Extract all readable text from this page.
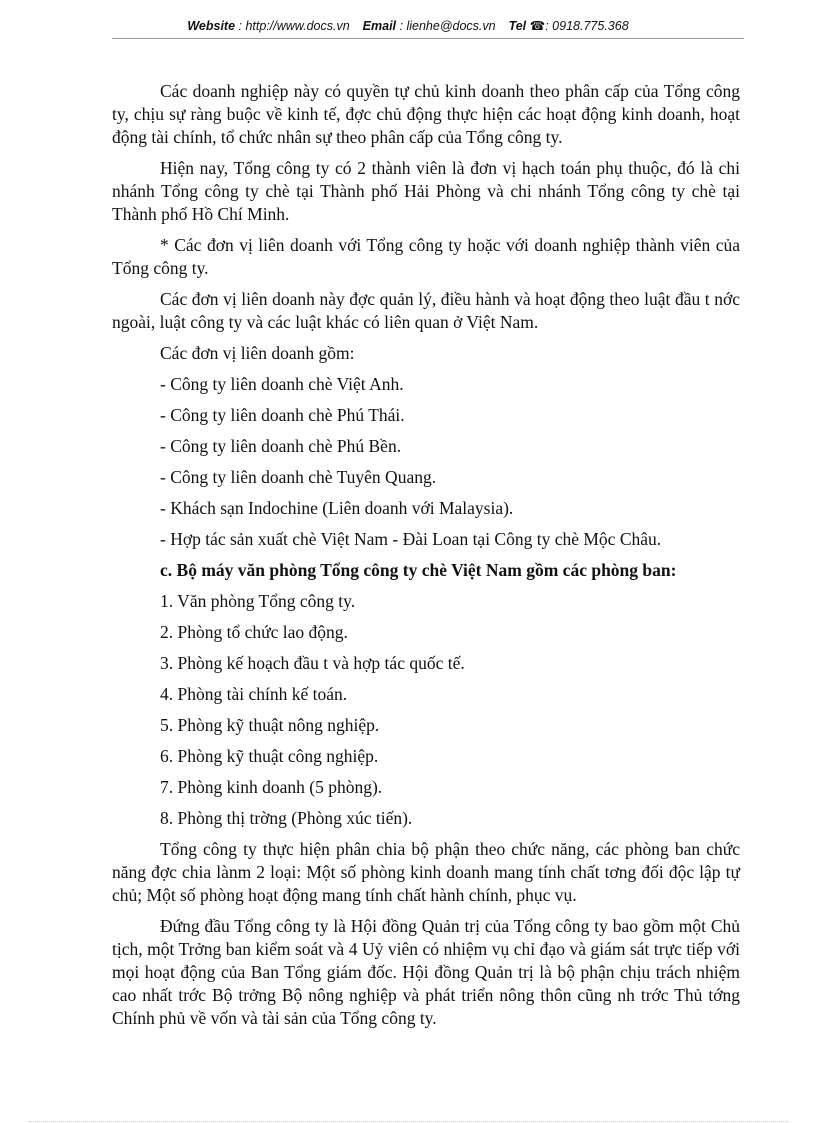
Website : http://www.docs.vn Email : lienhe@docs.vn Tel ☎: 0918.775.368

Các doanh nghiệp này có quyền tự chủ kinh doanh theo phân cấp của Tổng công ty, chịu sự ràng buộc về kinh tế, đợc chủ động thực hiện các hoạt động kinh doanh, hoạt động tài chính, tổ chức nhân sự theo phân cấp của Tổng công ty.

Hiện nay, Tổng công ty có 2 thành viên là đơn vị hạch toán phụ thuộc, đó là chi nhánh Tổng công ty chè tại Thành phố Hải Phòng và chi nhánh Tổng công ty chè tại Thành phố Hồ Chí Minh.

* Các đơn vị liên doanh với Tổng công ty hoặc với doanh nghiệp thành viên của Tổng công ty.

Các đơn vị liên doanh này đợc quản lý, điều hành và hoạt động theo luật đầu t nớc ngoài, luật công ty và các luật khác có liên quan ở Việt Nam.

Các đơn vị liên doanh gồm:
- Công ty liên doanh chè Việt Anh.
- Công ty liên doanh chè Phú Thái.
- Công ty liên doanh chè Phú Bền.
- Công ty liên doanh chè Tuyên Quang.
- Khách sạn Indochine (Liên doanh với Malaysia).
- Hợp tác sản xuất chè Việt Nam - Đài Loan tại Công ty chè Mộc Châu.
c. Bộ máy văn phòng Tổng công ty chè Việt Nam gồm các phòng ban:
1. Văn phòng Tổng công ty.
2. Phòng tổ chức lao động.
3. Phòng kế hoạch đầu t và hợp tác quốc tế.
4. Phòng tài chính kế toán.
5. Phòng kỹ thuật nông nghiệp.
6. Phòng kỹ thuật công nghiệp.
7. Phòng kinh doanh (5 phòng).
8. Phòng thị trờng (Phòng xúc tiến).

Tổng công ty thực hiện phân chia bộ phận theo chức năng, các phòng ban chức năng đợc chia lànm 2 loại: Một số phòng kinh doanh mang tính chất tơng đối độc lập tự chủ; Một số phòng hoạt động mang tính chất hành chính, phục vụ.

Đứng đầu Tổng công ty là Hội đồng Quản trị của Tổng công ty bao gồm một Chủ tịch, một Trởng ban kiểm soát và 4 Uỷ viên có nhiệm vụ chỉ đạo và giám sát trực tiếp với mọi hoạt động của Ban Tổng giám đốc. Hội đồng Quản trị là bộ phận chịu trách nhiệm cao nhất trớc Bộ trởng Bộ nông nghiệp và phát triển nông thôn cũng nh trớc Thủ tớng Chính phủ về vốn và tài sản của Tổng công ty.
